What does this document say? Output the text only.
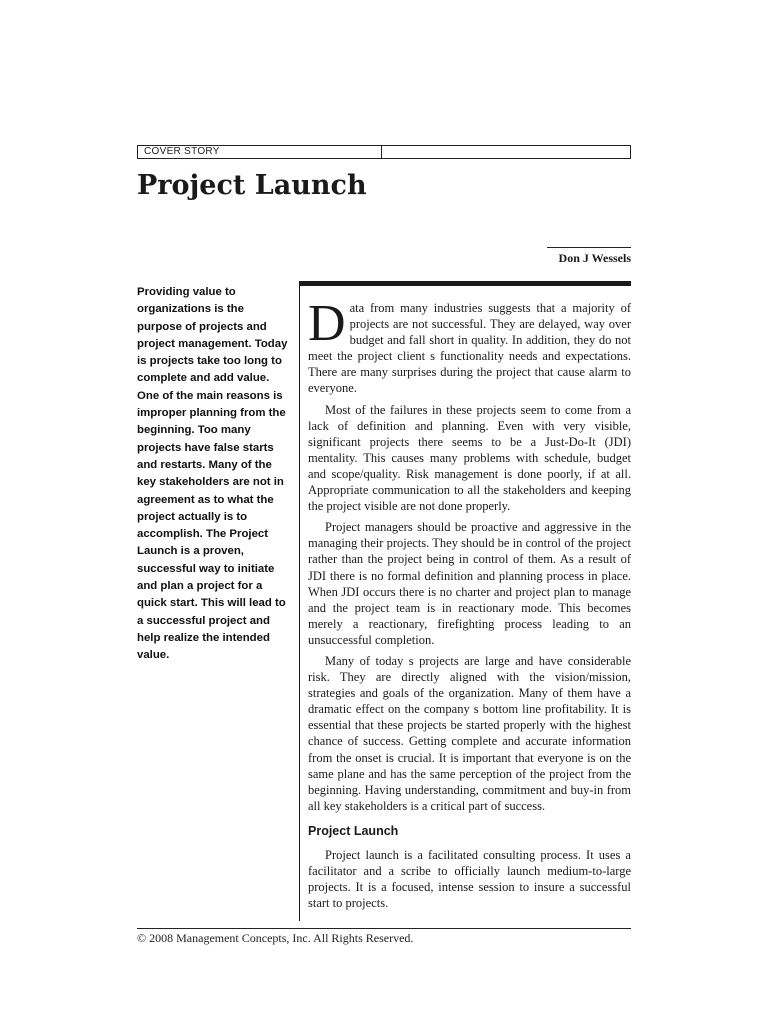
COVER STORY
Project Launch
Don J Wessels

Providing value to organizations is the purpose of projects and project management. Today is projects take too long to complete and add value. One of the main reasons is improper planning from the beginning. Too many projects have false starts and restarts. Many of the key stakeholders are not in agreement as to what the project actually is to accomplish. The Project Launch is a proven, successful way to initiate and plan a project for a quick start. This will lead to a successful project and help realize the intended value.

Data from many industries suggests that a majority of projects are not successful. They are delayed, way over budget and fall short in quality. In addition, they do not meet the project client s functionality needs and expectations. There are many surprises during the project that cause alarm to everyone.

Most of the failures in these projects seem to come from a lack of definition and planning. Even with very visible, significant projects there seems to be a Just-Do-It (JDI) mentality. This causes many problems with schedule, budget and scope/quality. Risk management is done poorly, if at all. Appropriate communication to all the stakeholders and keeping the project visible are not done properly.

Project managers should be proactive and aggressive in the managing their projects. They should be in control of the project rather than the project being in control of them. As a result of JDI there is no formal definition and planning process in place. When JDI occurs there is no charter and project plan to manage and the project team is in reactionary mode. This becomes merely a reactionary, firefighting process leading to an unsuccessful completion.

Many of today s projects are large and have considerable risk. They are directly aligned with the vision/mission, strategies and goals of the organization. Many of them have a dramatic effect on the company s bottom line profitability. It is essential that these projects be started properly with the highest chance of success. Getting complete and accurate information from the onset is crucial. It is important that everyone is on the same plane and has the same perception of the project from the beginning. Having understanding, commitment and buy-in from all key stakeholders is a critical part of success.

Project Launch

Project launch is a facilitated consulting process. It uses a facilitator and a scribe to officially launch medium-to-large projects. It is a focused, intense session to insure a successful start to projects.

© 2008 Management Concepts, Inc. All Rights Reserved.
